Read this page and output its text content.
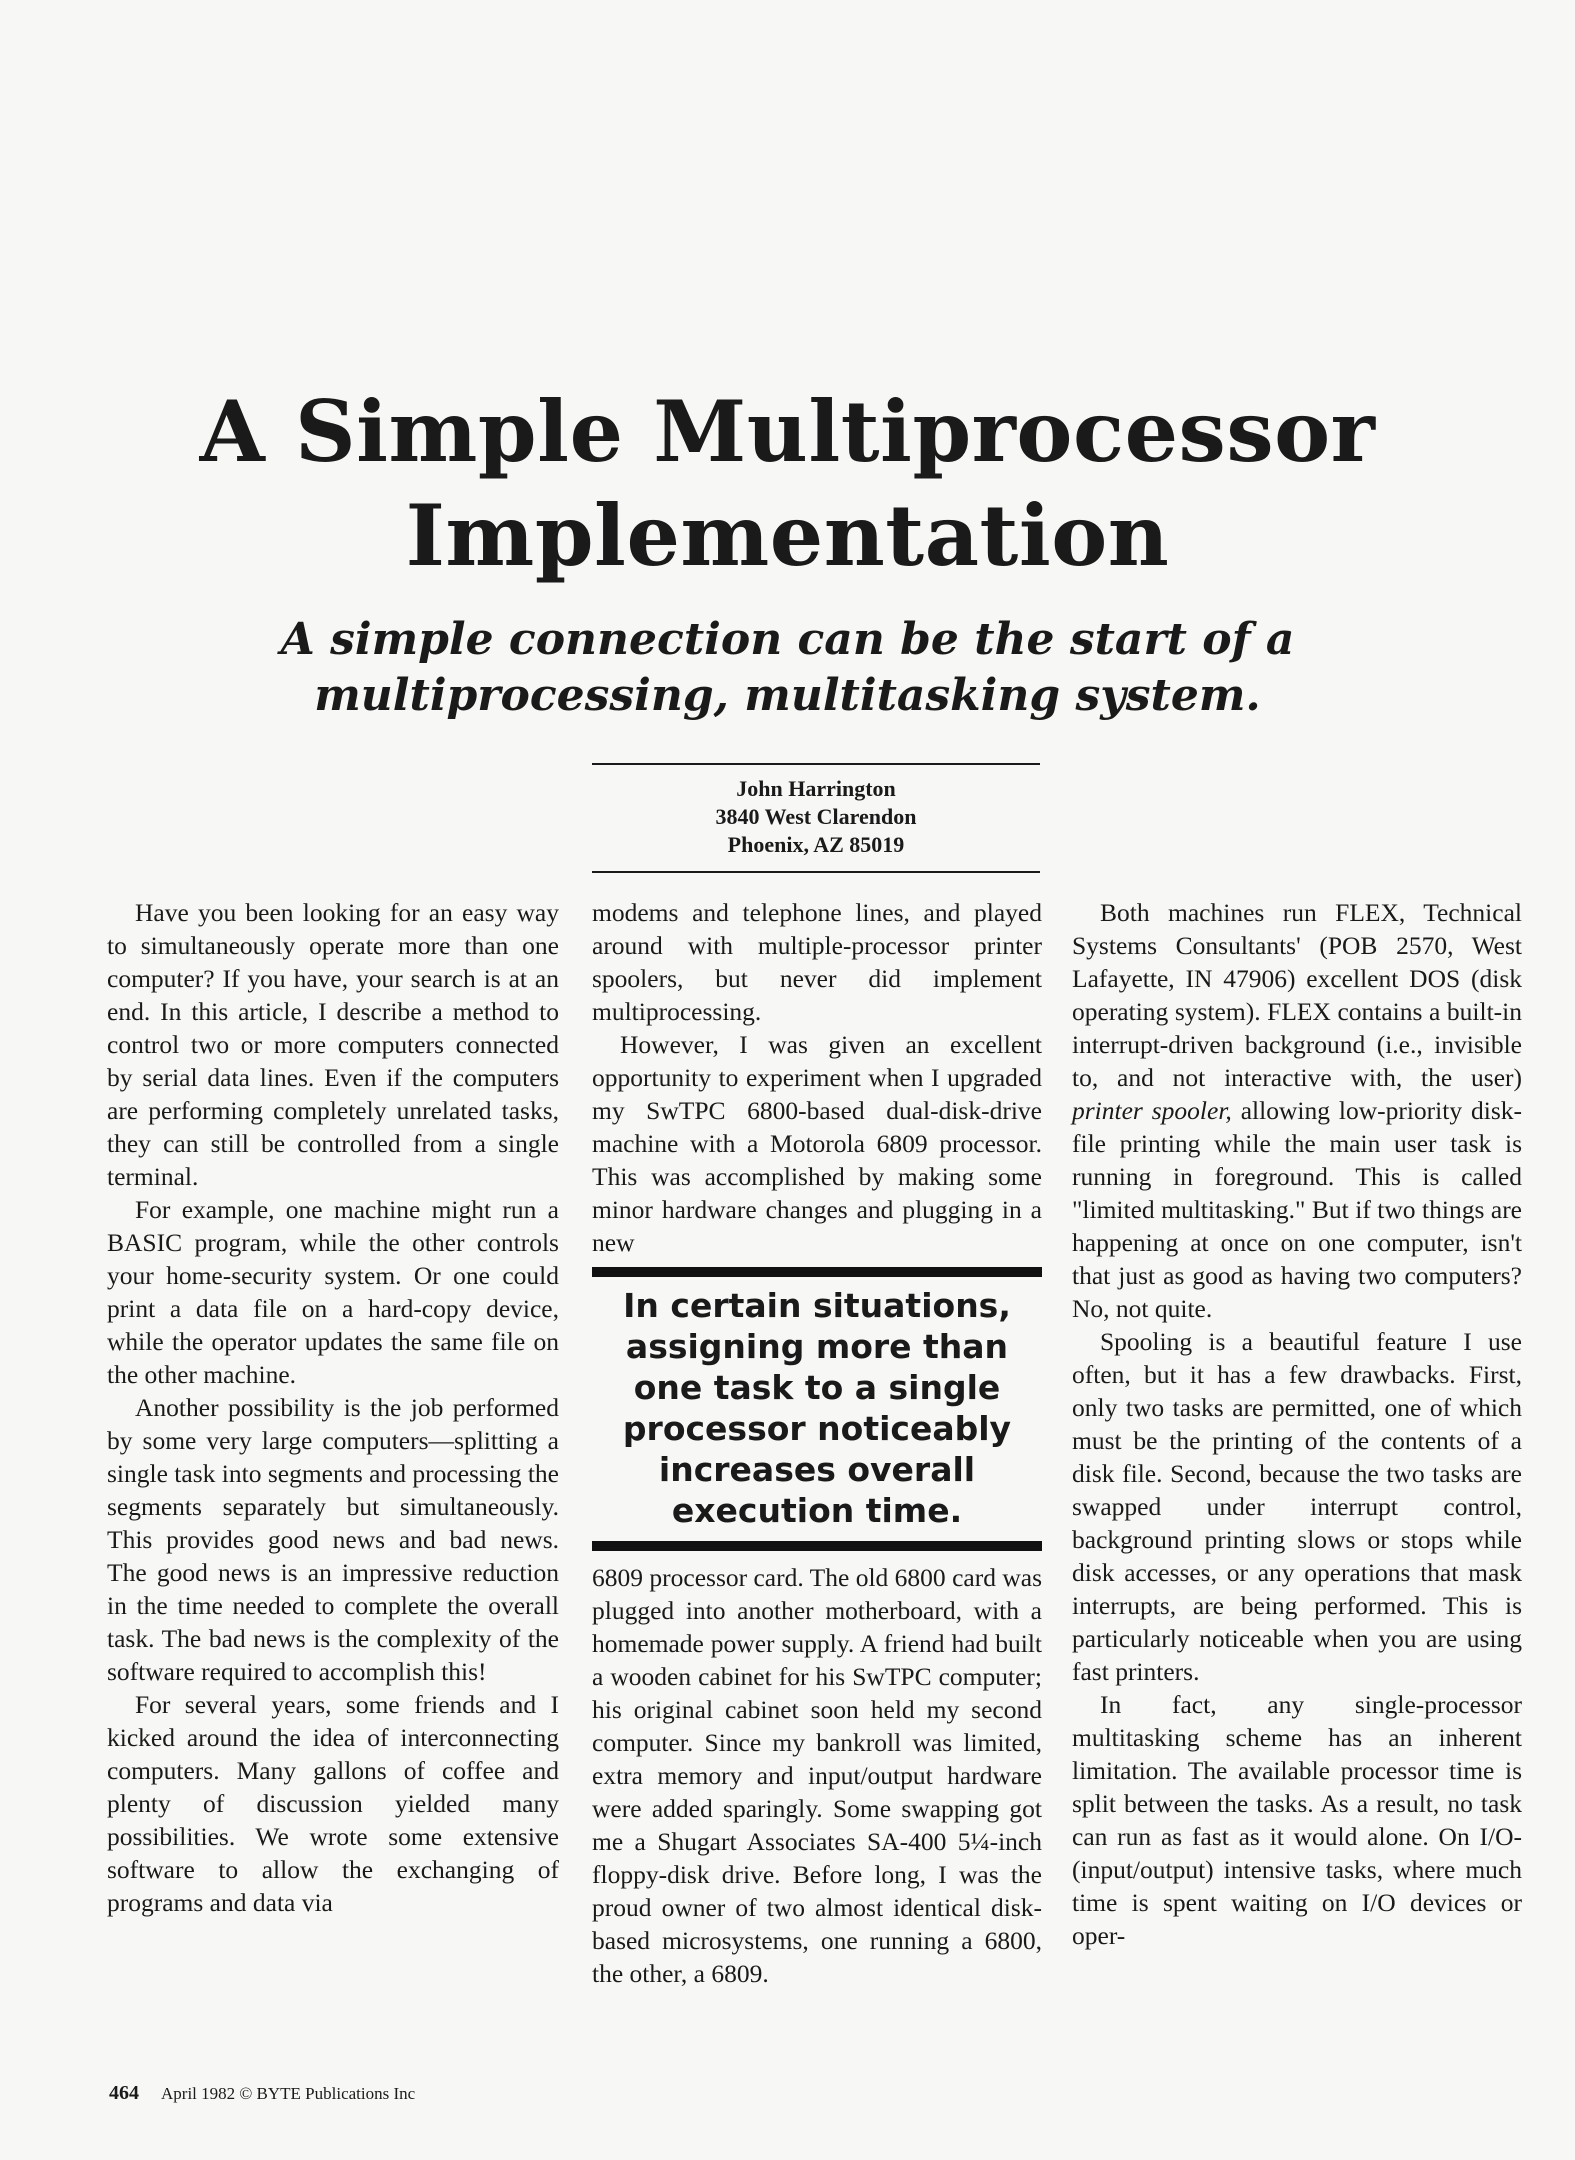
A Simple Multiprocessor
Implementation
A simple connection can be the start of a
multiprocessing, multitasking system.
John Harrington
3840 West Clarendon
Phoenix, AZ 85019

Have you been looking for an easy way to simultaneously operate more than one computer? If you have, your search is at an end. In this article, I describe a method to control two or more computers connected by serial data lines. Even if the computers are performing completely unrelated tasks, they can still be controlled from a single terminal.

For example, one machine might run a BASIC program, while the other controls your home-security system. Or one could print a data file on a hard-copy device, while the operator updates the same file on the other machine.

Another possibility is the job performed by some very large computers—splitting a single task into segments and processing the segments separately but simultaneously. This provides good news and bad news. The good news is an impressive reduction in the time needed to complete the overall task. The bad news is the complexity of the software required to accomplish this!

For several years, some friends and I kicked around the idea of interconnecting computers. Many gallons of coffee and plenty of discussion yielded many possibilities. We wrote some extensive software to allow the exchanging of programs and data via

modems and telephone lines, and played around with multiple-processor printer spoolers, but never did implement multiprocessing.

However, I was given an excellent opportunity to experiment when I upgraded my SwTPC 6800-based dual-disk-drive machine with a Motorola 6809 processor. This was accomplished by making some minor hardware changes and plugging in a new

In certain situations,
assigning more than
one task to a single
processor noticeably
increases overall
execution time.

6809 processor card. The old 6800 card was plugged into another motherboard, with a homemade power supply. A friend had built a wooden cabinet for his SwTPC computer; his original cabinet soon held my second computer. Since my bankroll was limited, extra memory and input/output hardware were added sparingly. Some swapping got me a Shugart Associates SA-400 5¼-inch floppy-disk drive. Before long, I was the proud owner of two almost identical disk-based microsystems, one running a 6800, the other, a 6809.

Both machines run FLEX, Technical Systems Consultants' (POB 2570, West Lafayette, IN 47906) excellent DOS (disk operating system). FLEX contains a built-in interrupt-driven background (i.e., invisible to, and not interactive with, the user) printer spooler, allowing low-priority disk-file printing while the main user task is running in foreground. This is called "limited multitasking." But if two things are happening at once on one computer, isn't that just as good as having two computers? No, not quite.

Spooling is a beautiful feature I use often, but it has a few drawbacks. First, only two tasks are permitted, one of which must be the printing of the contents of a disk file. Second, because the two tasks are swapped under interrupt control, background printing slows or stops while disk accesses, or any operations that mask interrupts, are being performed. This is particularly noticeable when you are using fast printers.

In fact, any single-processor multitasking scheme has an inherent limitation. The available processor time is split between the tasks. As a result, no task can run as fast as it would alone. On I/O- (input/output) intensive tasks, where much time is spent waiting on I/O devices or oper-

464 April 1982 © BYTE Publications Inc
